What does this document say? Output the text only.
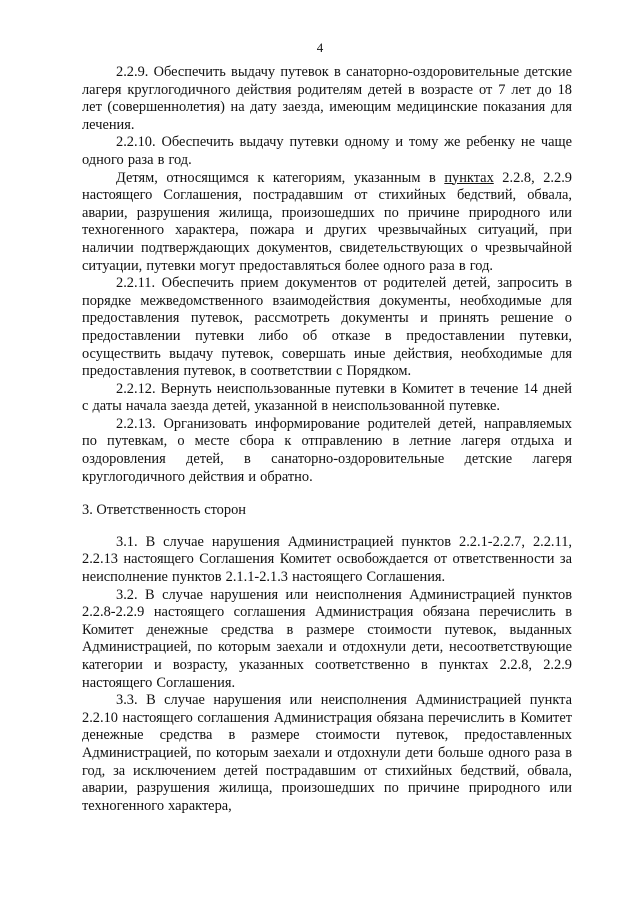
4

2.2.9. Обеспечить выдачу путевок в санаторно-оздоровительные детские лагеря круглогодичного действия родителям детей в возрасте от 7 лет до 18 лет (совершеннолетия) на дату заезда, имеющим медицинские показания для лечения.

2.2.10. Обеспечить выдачу путевки одному и тому же ребенку не чаще одного раза в год.

Детям, относящимся к категориям, указанным в пунктах 2.2.8, 2.2.9 настоящего Соглашения, пострадавшим от стихийных бедствий, обвала, аварии, разрушения жилища, произошедших по причине природного или техногенного характера, пожара и других чрезвычайных ситуаций, при наличии подтверждающих документов, свидетельствующих о чрезвычайной ситуации, путевки могут предоставляться более одного раза в год.

2.2.11. Обеспечить прием документов от родителей детей, запросить в порядке межведомственного взаимодействия документы, необходимые для предоставления путевок, рассмотреть документы и принять решение о предоставлении путевки либо об отказе в предоставлении путевки, осуществить выдачу путевок, совершать иные действия, необходимые для предоставления путевок, в соответствии с Порядком.

2.2.12. Вернуть неиспользованные путевки в Комитет в течение 14 дней с даты начала заезда детей, указанной в неиспользованной путевке.

2.2.13. Организовать информирование родителей детей, направляемых по путевкам, о месте сбора к отправлению в летние лагеря отдыха и оздоровления детей, в санаторно-оздоровительные детские лагеря круглогодичного действия и обратно.

3. Ответственность сторон

3.1. В случае нарушения Администрацией пунктов 2.2.1-2.2.7, 2.2.11, 2.2.13 настоящего Соглашения Комитет освобождается от ответственности за неисполнение пунктов 2.1.1-2.1.3 настоящего Соглашения.

3.2. В случае нарушения или неисполнения Администрацией пунктов 2.2.8-2.2.9 настоящего соглашения Администрация обязана перечислить в Комитет денежные средства в размере стоимости путевок, выданных Администрацией, по которым заехали и отдохнули дети, несоответствующие категории и возрасту, указанных соответственно в пунктах 2.2.8, 2.2.9 настоящего Соглашения.

3.3. В случае нарушения или неисполнения Администрацией пункта 2.2.10 настоящего соглашения Администрация обязана перечислить в Комитет денежные средства в размере стоимости путевок, предоставленных Администрацией, по которым заехали и отдохнули дети больше одного раза в год, за исключением детей пострадавшим от стихийных бедствий, обвала, аварии, разрушения жилища, произошедших по причине природного или техногенного характера,
